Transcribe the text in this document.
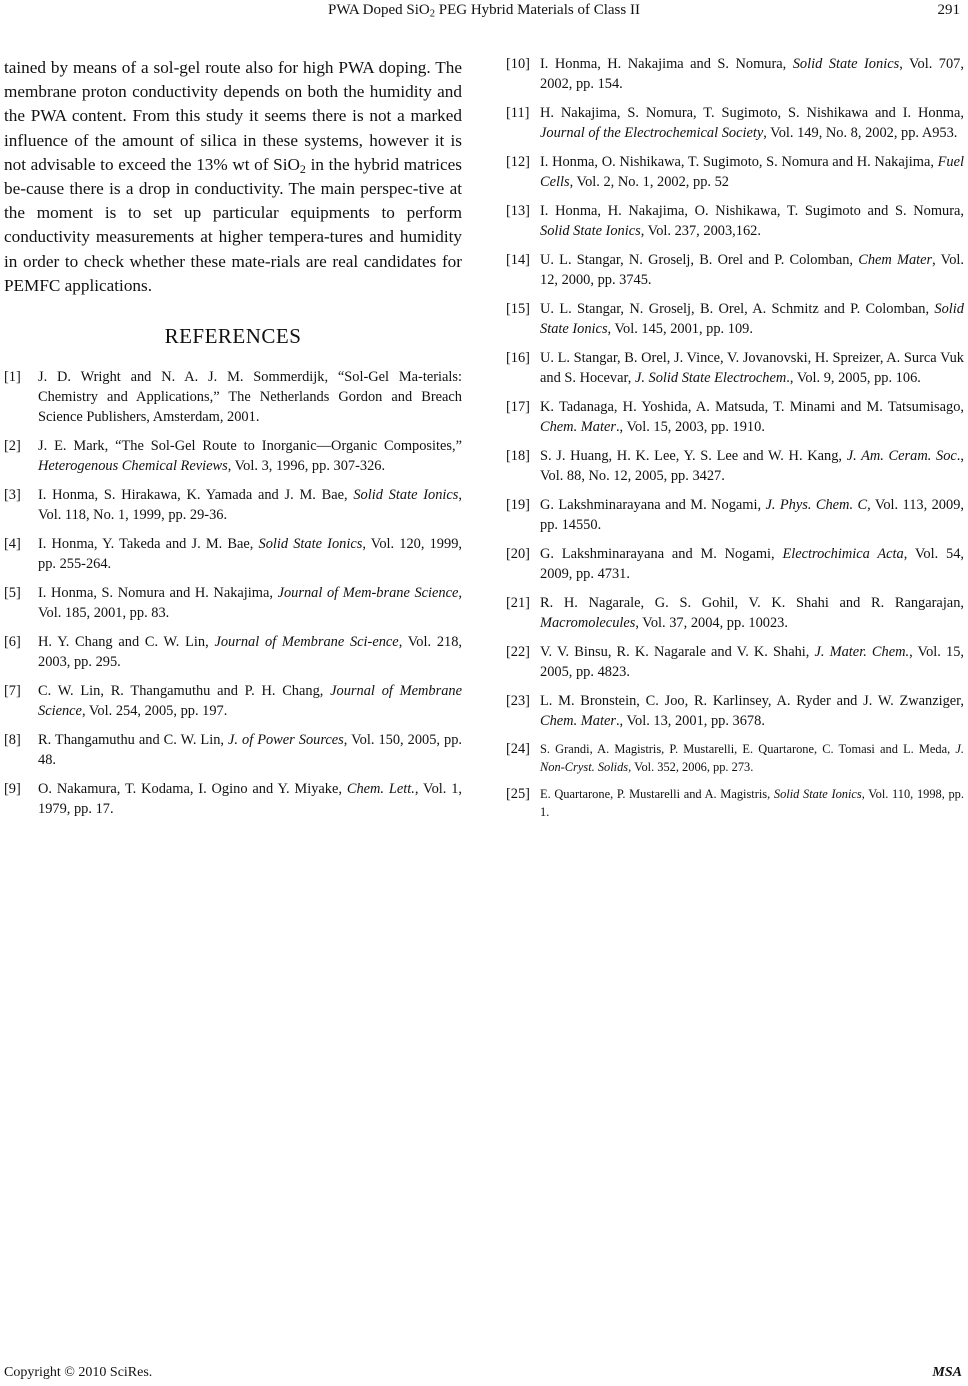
PWA Doped SiO$_2$ PEG Hybrid Materials of Class II	291

tained by means of a sol-gel route also for high PWA doping. The membrane proton conductivity depends on both the humidity and the PWA content. From this study it seems there is not a marked influence of the amount of silica in these systems, however it is not advisable to exceed the 13% wt of SiO$_2$ in the hybrid matrices be-cause there is a drop in conductivity. The main perspec-tive at the moment is to set up particular equipments to perform conductivity measurements at higher tempera-tures and humidity in order to check whether these mate-rials are real candidates for PEMFC applications.

REFERENCES
[1]	J. D. Wright and N. A. J. M. Sommerdijk, “Sol-Gel Ma-terials: Chemistry and Applications,” The Netherlands Gordon and Breach Science Publishers, Amsterdam, 2001.
[2]	J. E. Mark, “The Sol-Gel Route to Inorganic—Organic Composites,” Heterogenous Chemical Reviews, Vol. 3, 1996, pp. 307-326.
[3]	I. Honma, S. Hirakawa, K. Yamada and J. M. Bae, Solid State Ionics, Vol. 118, No. 1, 1999, pp. 29-36.
[4]	I. Honma, Y. Takeda and J. M. Bae, Solid State Ionics, Vol. 120, 1999, pp. 255-264.
[5]	I. Honma, S. Nomura and H. Nakajima, Journal of Mem-brane Science, Vol. 185, 2001, pp. 83.
[6]	H. Y. Chang and C. W. Lin, Journal of Membrane Sci-ence, Vol. 218, 2003, pp. 295.
[7]	C. W. Lin, R. Thangamuthu and P. H. Chang, Journal of Membrane Science, Vol. 254, 2005, pp. 197.
[8]	R. Thangamuthu and C. W. Lin, J. of Power Sources, Vol. 150, 2005, pp. 48.
[9]	O. Nakamura, T. Kodama, I. Ogino and Y. Miyake, Chem. Lett., Vol. 1, 1979, pp. 17.
[10] I. Honma, H. Nakajima and S. Nomura, Solid State Ionics, Vol. 707, 2002, pp. 154.
[11] H. Nakajima, S. Nomura, T. Sugimoto, S. Nishikawa and I. Honma, Journal of the Electrochemical Society, Vol. 149, No. 8, 2002, pp. A953.
[12] I. Honma, O. Nishikawa, T. Sugimoto, S. Nomura and H. Nakajima, Fuel Cells, Vol. 2, No. 1, 2002, pp. 52
[13] I. Honma, H. Nakajima, O. Nishikawa, T. Sugimoto and S. Nomura, Solid State Ionics, Vol. 237, 2003,162.
[14] U. L. Stangar, N. Groselj, B. Orel and P. Colomban, Chem Mater, Vol. 12, 2000, pp. 3745.
[15] U. L. Stangar, N. Groselj, B. Orel, A. Schmitz and P. Colomban, Solid State Ionics, Vol. 145, 2001, pp. 109.
[16] U. L. Stangar, B. Orel, J. Vince, V. Jovanovski, H. Spreizer, A. Surca Vuk and S. Hocevar, J. Solid State Electrochem., Vol. 9, 2005, pp. 106.
[17] K. Tadanaga, H. Yoshida, A. Matsuda, T. Minami and M. Tatsumisago, Chem. Mater., Vol. 15, 2003, pp. 1910.
[18] S. J. Huang, H. K. Lee, Y. S. Lee and W. H. Kang, J. Am. Ceram. Soc., Vol. 88, No. 12, 2005, pp. 3427.
[19] G. Lakshminarayana and M. Nogami, J. Phys. Chem. C, Vol. 113, 2009, pp. 14550.
[20] G. Lakshminarayana and M. Nogami, Electrochimica Acta, Vol. 54, 2009, pp. 4731.
[21] R. H. Nagarale, G. S. Gohil, V. K. Shahi and R. Rangarajan, Macromolecules, Vol. 37, 2004, pp. 10023.
[22] V. V. Binsu, R. K. Nagarale and V. K. Shahi, J. Mater. Chem., Vol. 15, 2005, pp. 4823.
[23] L. M. Bronstein, C. Joo, R. Karlinsey, A. Ryder and J. W. Zwanziger, Chem. Mater., Vol. 13, 2001, pp. 3678.
[24] S. Grandi, A. Magistris, P. Mustarelli, E. Quartarone, C. Tomasi and L. Meda, J. Non-Cryst. Solids, Vol. 352, 2006, pp. 273.
[25] E. Quartarone, P. Mustarelli and A. Magistris, Solid State Ionics, Vol. 110, 1998, pp. 1.
Copyright © 2010 SciRes.	MSA
